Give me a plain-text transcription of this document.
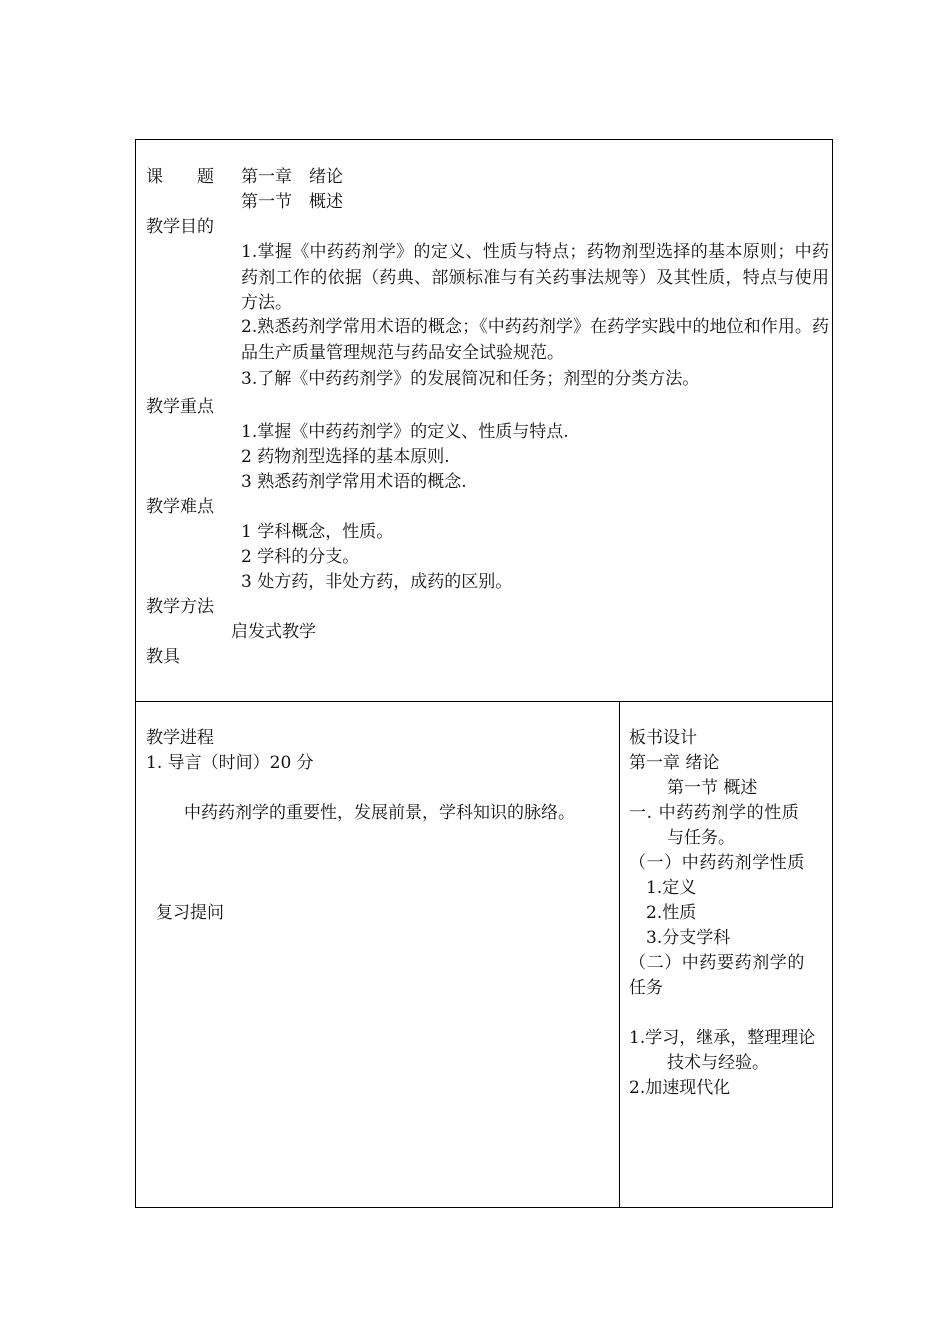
课　　题 第一章　绪论
第一节　概述
教学目的
1.掌握《中药药剂学》的定义、性质与特点；药物剂型选择的基本原则；中药药剂工作的依据（药典、部颁标准与有关药事法规等）及其性质，特点与使用方法。
2.熟悉药剂学常用术语的概念；《中药药剂学》在药学实践中的地位和作用。药品生产质量管理规范与药品安全试验规范。
3.了解《中药药剂学》的发展简况和任务；剂型的分类方法。
教学重点
1.掌握《中药药剂学》的定义、性质与特点.
2 药物剂型选择的基本原则.
3 熟悉药剂学常用术语的概念.
教学难点
1 学科概念，性质。
2 学科的分支。
3 处方药，非处方药，成药的区别。
教学方法
启发式教学
教具
教学进程
1. 导言（时间）20 分
中药药剂学的重要性，发展前景，学科知识的脉络。
复习提问
板书设计
第一章 绪论
第一节 概述
一. 中药药剂学的性质
与任务。
（一）中药药剂学性质
1.定义
2.性质
3.分支学科
（二）中药要药剂学的
任务
1.学习，继承，整理理论
技术与经验。
2.加速现代化
